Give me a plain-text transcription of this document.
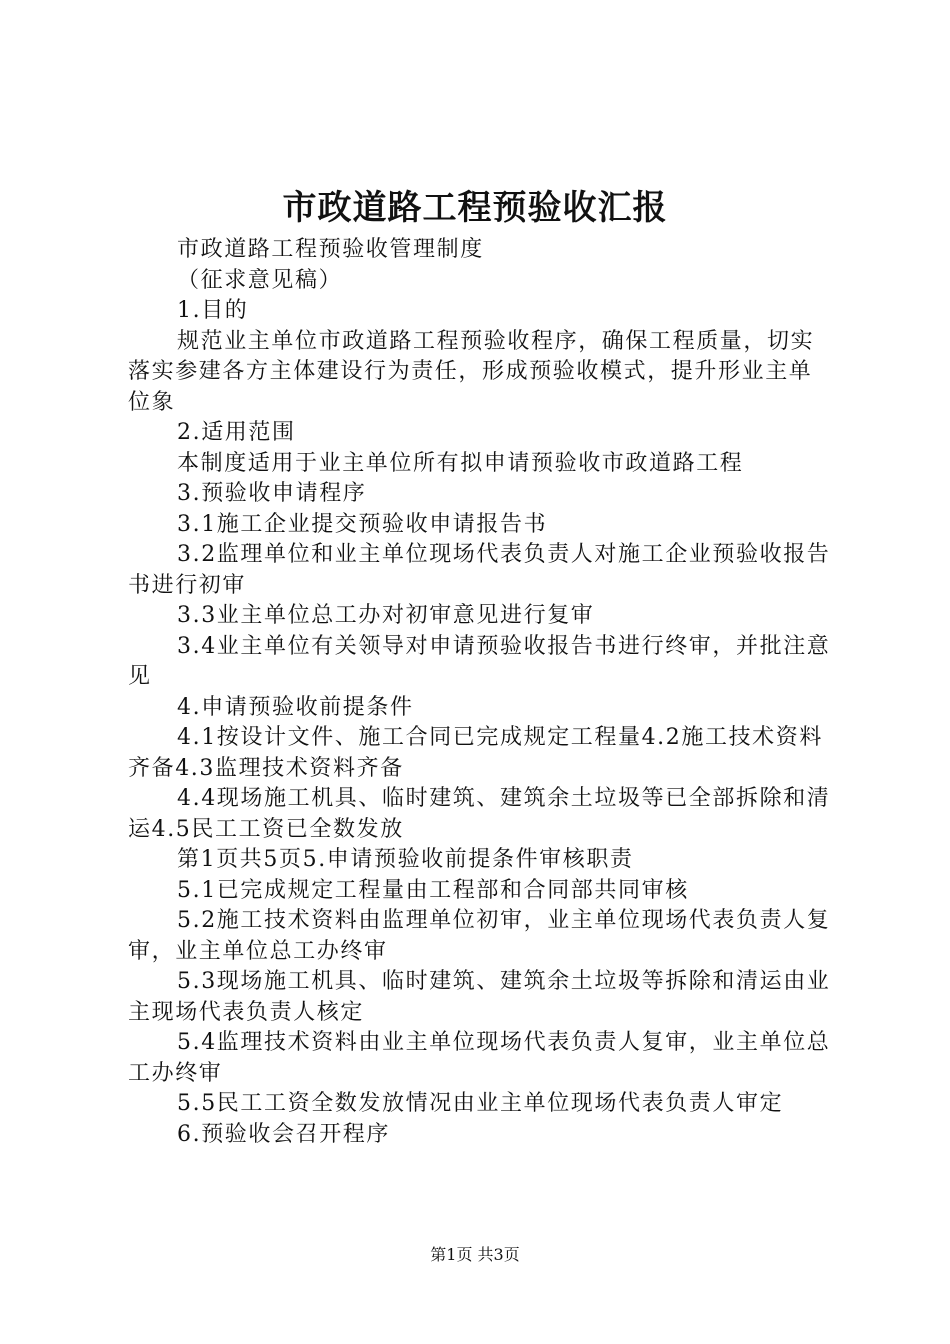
市政道路工程预验收汇报
市政道路工程预验收管理制度
（征求意见稿）
1.目的
规范业主单位市政道路工程预验收程序，确保工程质量，切实落实参建各方主体建设行为责任，形成预验收模式，提升形业主单位象
2.适用范围
本制度适用于业主单位所有拟申请预验收市政道路工程
3.预验收申请程序
3.1施工企业提交预验收申请报告书
3.2监理单位和业主单位现场代表负责人对施工企业预验收报告书进行初审
3.3业主单位总工办对初审意见进行复审
3.4业主单位有关领导对申请预验收报告书进行终审，并批注意见
4.申请预验收前提条件
4.1按设计文件、施工合同已完成规定工程量4.2施工技术资料齐备4.3监理技术资料齐备
4.4现场施工机具、临时建筑、建筑余土垃圾等已全部拆除和清运4.5民工工资已全数发放
第1页共5页5.申请预验收前提条件审核职责
5.1已完成规定工程量由工程部和合同部共同审核
5.2施工技术资料由监理单位初审，业主单位现场代表负责人复审，业主单位总工办终审
5.3现场施工机具、临时建筑、建筑余土垃圾等拆除和清运由业主现场代表负责人核定
5.4监理技术资料由业主单位现场代表负责人复审，业主单位总工办终审
5.5民工工资全数发放情况由业主单位现场代表负责人审定
6.预验收会召开程序
第1页 共3页
